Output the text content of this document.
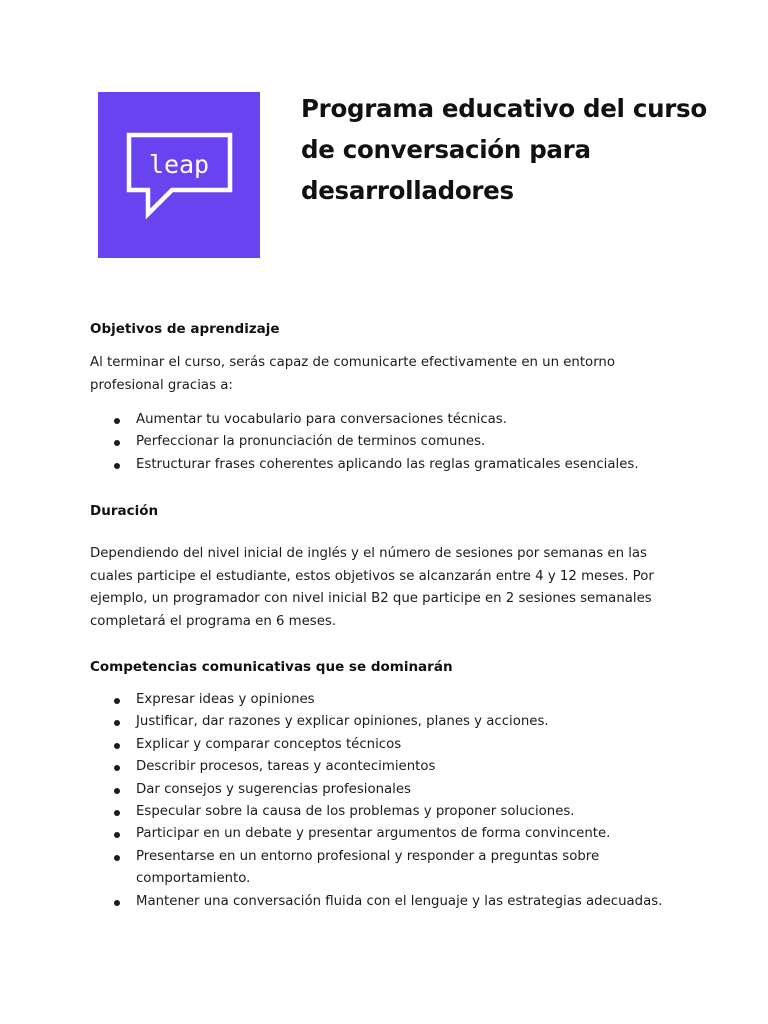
leap
Programa educativo del curso de conversación para desarrolladores
Objetivos de aprendizaje

Al terminar el curso, serás capaz de comunicarte efectivamente en un entorno profesional gracias a:

Aumentar tu vocabulario para conversaciones técnicas.
Perfeccionar la pronunciación de terminos comunes.
Estructurar frases coherentes aplicando las reglas gramaticales esenciales.
Duración

Dependiendo del nivel inicial de inglés y el número de sesiones por semanas en las cuales participe el estudiante, estos objetivos se alcanzarán entre 4 y 12 meses. Por ejemplo, un programador con nivel inicial B2 que participe en 2 sesiones semanales completará el programa en 6 meses.

Competencias comunicativas que se dominarán
Expresar ideas y opiniones
Justificar, dar razones y explicar opiniones, planes y acciones.
Explicar y comparar conceptos técnicos
Describir procesos, tareas y acontecimientos
Dar consejos y sugerencias profesionales
Especular sobre la causa de los problemas y proponer soluciones.
Participar en un debate y presentar argumentos de forma convincente.
Presentarse en un entorno profesional y responder a preguntas sobre comportamiento.
Mantener una conversación fluida con el lenguaje y las estrategias adecuadas.
